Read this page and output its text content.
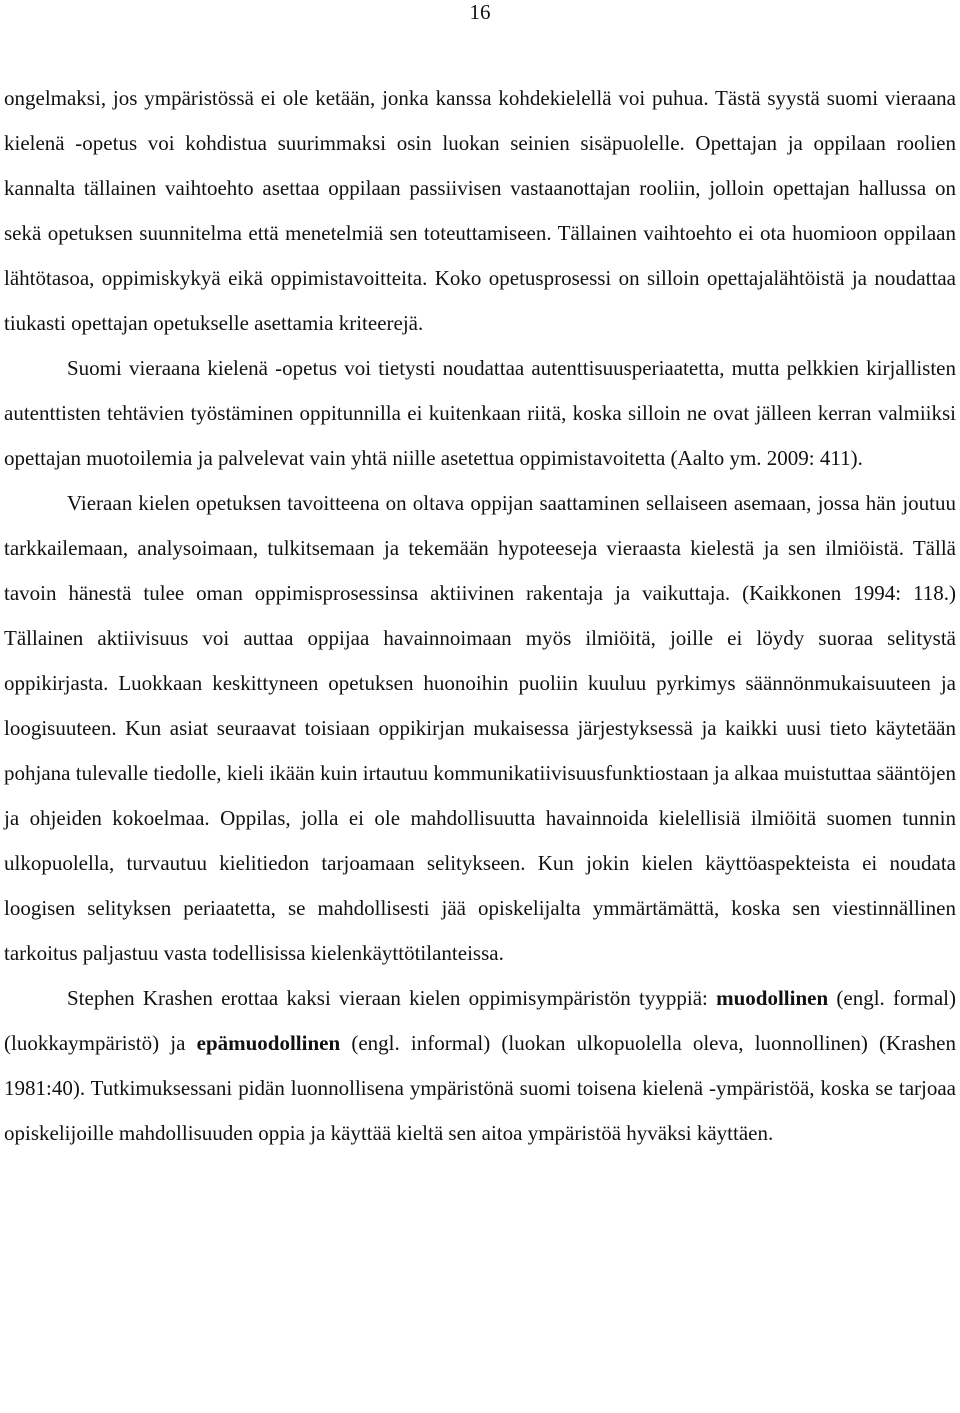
16

ongelmaksi, jos ympäristössä ei ole ketään, jonka kanssa kohdekielellä voi puhua. Tästä syystä suomi vieraana kielenä -opetus voi kohdistua suurimmaksi osin luokan seinien sisäpuolelle. Opettajan ja oppilaan roolien kannalta tällainen vaihtoehto asettaa oppilaan passiivisen vastaanottajan rooliin, jolloin opettajan hallussa on sekä opetuksen suunnitelma että menetelmiä sen toteuttamiseen. Tällainen vaihtoehto ei ota huomioon oppilaan lähtötasoa, oppimiskykyä eikä oppimistavoitteita. Koko opetusprosessi on silloin opettajalähtöistä ja noudattaa tiukasti opettajan opetukselle asettamia kriteerejä.

Suomi vieraana kielenä -opetus voi tietysti noudattaa autenttisuusperiaatetta, mutta pelkkien kirjallisten autenttisten tehtävien työstäminen oppitunnilla ei kuitenkaan riitä, koska silloin ne ovat jälleen kerran valmiiksi opettajan muotoilemia ja palvelevat vain yhtä niille asetettua oppimistavoitetta (Aalto ym. 2009: 411).

Vieraan kielen opetuksen tavoitteena on oltava oppijan saattaminen sellaiseen asemaan, jossa hän joutuu tarkkailemaan, analysoimaan, tulkitsemaan ja tekemään hypoteeseja vieraasta kielestä ja sen ilmiöistä. Tällä tavoin hänestä tulee oman oppimisprosessinsa aktiivinen rakentaja ja vaikuttaja. (Kaikkonen 1994: 118.) Tällainen aktiivisuus voi auttaa oppijaa havainnoimaan myös ilmiöitä, joille ei löydy suoraa selitystä oppikirjasta. Luokkaan keskittyneen opetuksen huonoihin puoliin kuuluu pyrkimys säännönmukaisuuteen ja loogisuuteen. Kun asiat seuraavat toisiaan oppikirjan mukaisessa järjestyksessä ja kaikki uusi tieto käytetään pohjana tulevalle tiedolle, kieli ikään kuin irtautuu kommunikatiivisuusfunktiostaan ja alkaa muistuttaa sääntöjen ja ohjeiden kokoelmaa. Oppilas, jolla ei ole mahdollisuutta havainnoida kielellisiä ilmiöitä suomen tunnin ulkopuolella, turvautuu kielitiedon tarjoamaan selitykseen. Kun jokin kielen käyttöaspekteista ei noudata loogisen selityksen periaatetta, se mahdollisesti jää opiskelijalta ymmärtämättä, koska sen viestinnällinen tarkoitus paljastuu vasta todellisissa kielenkäyttötilanteissa.

Stephen Krashen erottaa kaksi vieraan kielen oppimisympäristön tyyppiä: muodollinen (engl. formal) (luokkaympäristö) ja epämuodollinen (engl. informal) (luokan ulkopuolella oleva, luonnollinen) (Krashen 1981:40). Tutkimuksessani pidän luonnollisena ympäristönä suomi toisena kielenä -ympäristöä, koska se tarjoaa opiskelijoille mahdollisuuden oppia ja käyttää kieltä sen aitoa ympäristöä hyväksi käyttäen.
